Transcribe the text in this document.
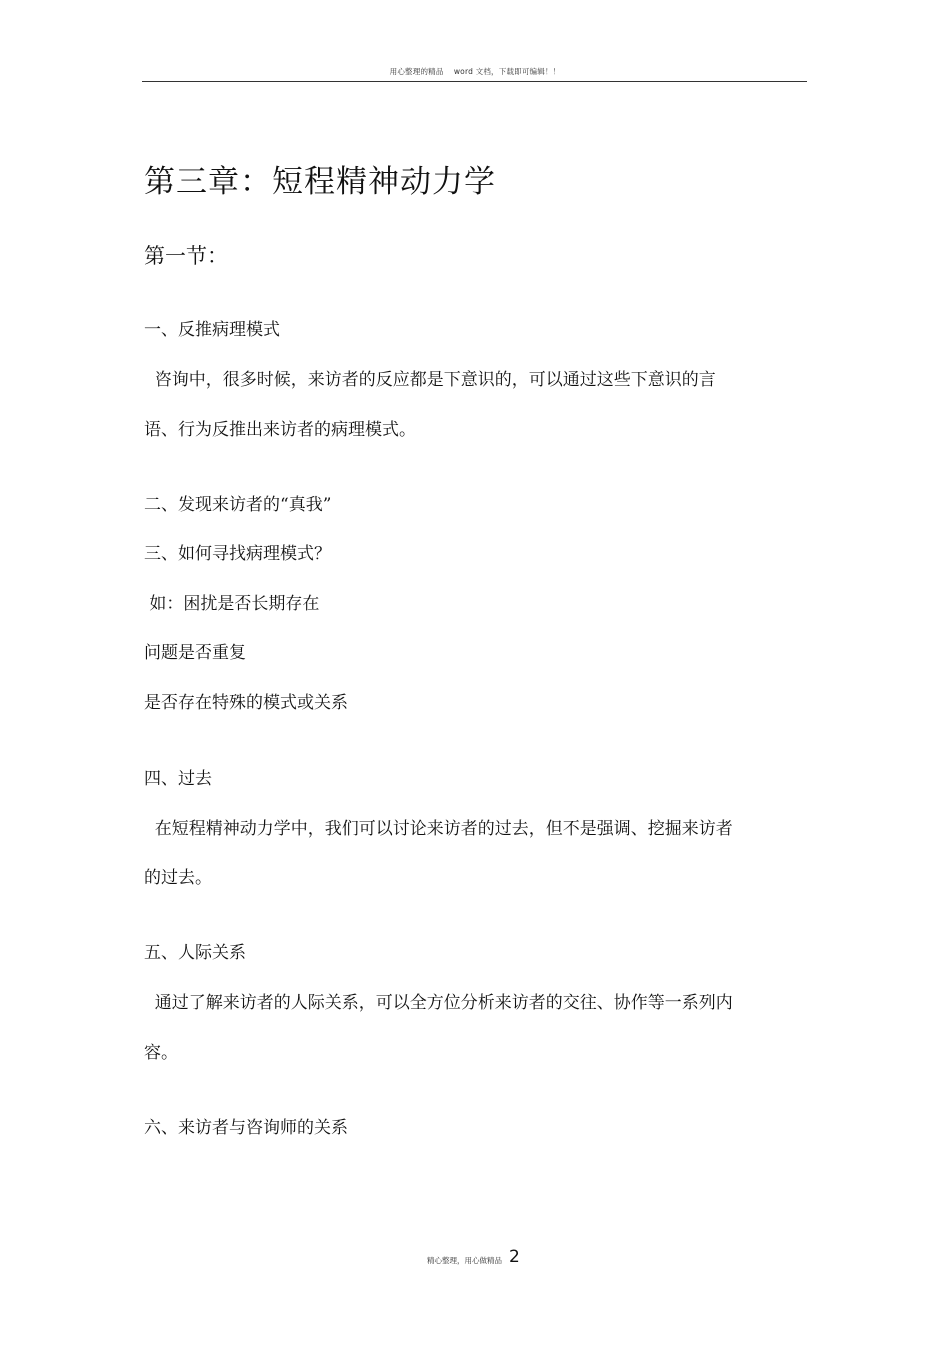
用心整理的精品　 word 文档，下载即可编辑！！
第三章：短程精神动力学
第一节：
一、反推病理模式
咨询中，很多时候，来访者的反应都是下意识的，可以通过这些下意识的言
语、行为反推出来访者的病理模式。
二、发现来访者的“真我”
三、如何寻找病理模式？
如：困扰是否长期存在
问题是否重复
是否存在特殊的模式或关系
四、过去
在短程精神动力学中，我们可以讨论来访者的过去，但不是强调、挖掘来访者
的过去。
五、人际关系
通过了解来访者的人际关系，可以全方位分析来访者的交往、协作等一系列内
容。
六、来访者与咨询师的关系
精心整理，用心做精品 2
